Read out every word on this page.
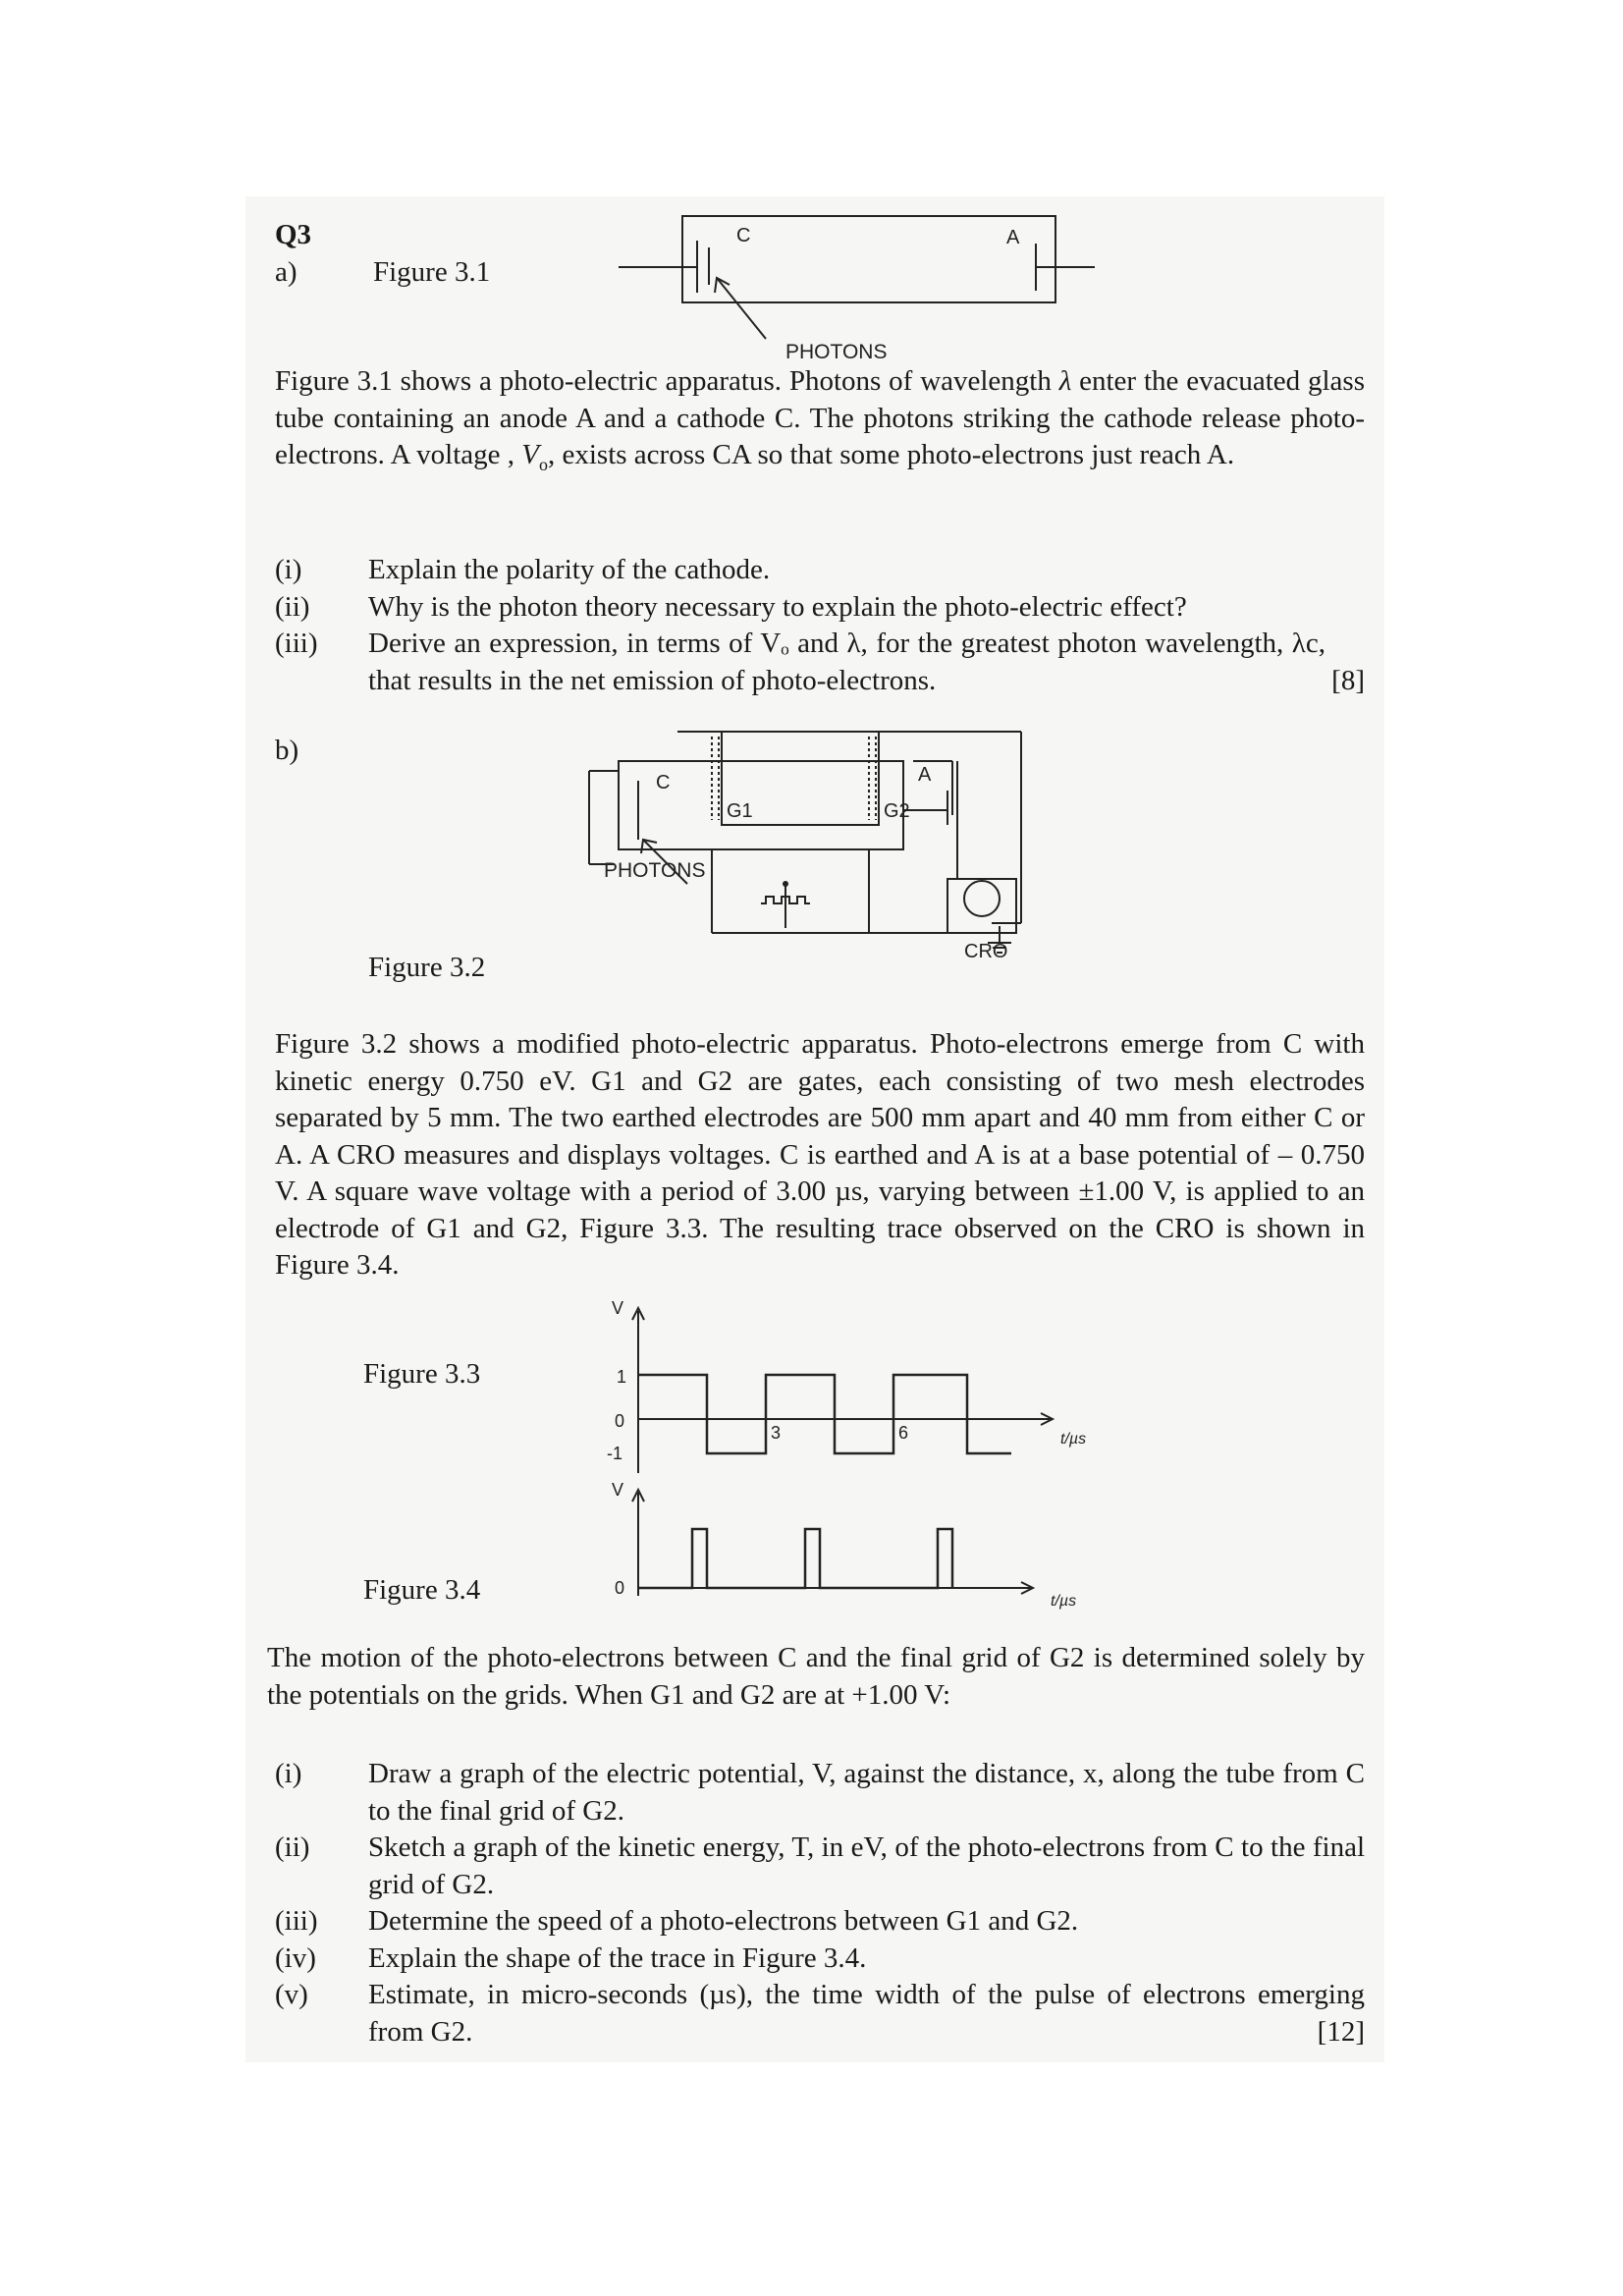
Q3
a)	Figure 3.1
C	A
PHOTONS
Figure 3.1 shows a photo-electric apparatus. Photons of wavelength λ enter the evacuated glass tube containing an anode A and a cathode C. The photons striking the cathode release photo-electrons. A voltage , $V_o$, exists across CA so that some photo-electrons just reach A.
(i) Explain the polarity of the cathode.
(ii) Why is the photon theory necessary to explain the photo-electric effect?
(iii) Derive an expression, in terms of Vₒ and λ, for the greatest photon wavelength, λc, that results in the net emission of photo-electrons.	[8]
b)
C	A
G1	G2
PHOTONS
CRO
Figure 3.2
Figure 3.2 shows a modified photo-electric apparatus. Photo-electrons emerge from C with kinetic energy 0.750 eV. G1 and G2 are gates, each consisting of two mesh electrodes separated by 5 mm. The two earthed electrodes are 500 mm apart and 40 mm from either C or A. A CRO measures and displays voltages. C is earthed and A is at a base potential of – 0.750 V. A square wave voltage with a period of 3.00 µs, varying between ±1.00 V, is applied to an electrode of G1 and G2, Figure 3.3. The resulting trace observed on the CRO is shown in Figure 3.4.
Figure 3.3
V
1
0
-1
3	6	t/µs
Figure 3.4
V
0
t/µs
The motion of the photo-electrons between C and the final grid of G2 is determined solely by the potentials on the grids. When G1 and G2 are at +1.00 V:
(i) Draw a graph of the electric potential, V, against the distance, x, along the tube from C to the final grid of G2.
(ii) Sketch a graph of the kinetic energy, T, in eV, of the photo-electrons from C to the final grid of G2.
(iii) Determine the speed of a photo-electrons between G1 and G2.
(iv) Explain the shape of the trace in Figure 3.4.
(v) Estimate, in micro-seconds (µs), the time width of the pulse of electrons emerging from G2.	[12]
